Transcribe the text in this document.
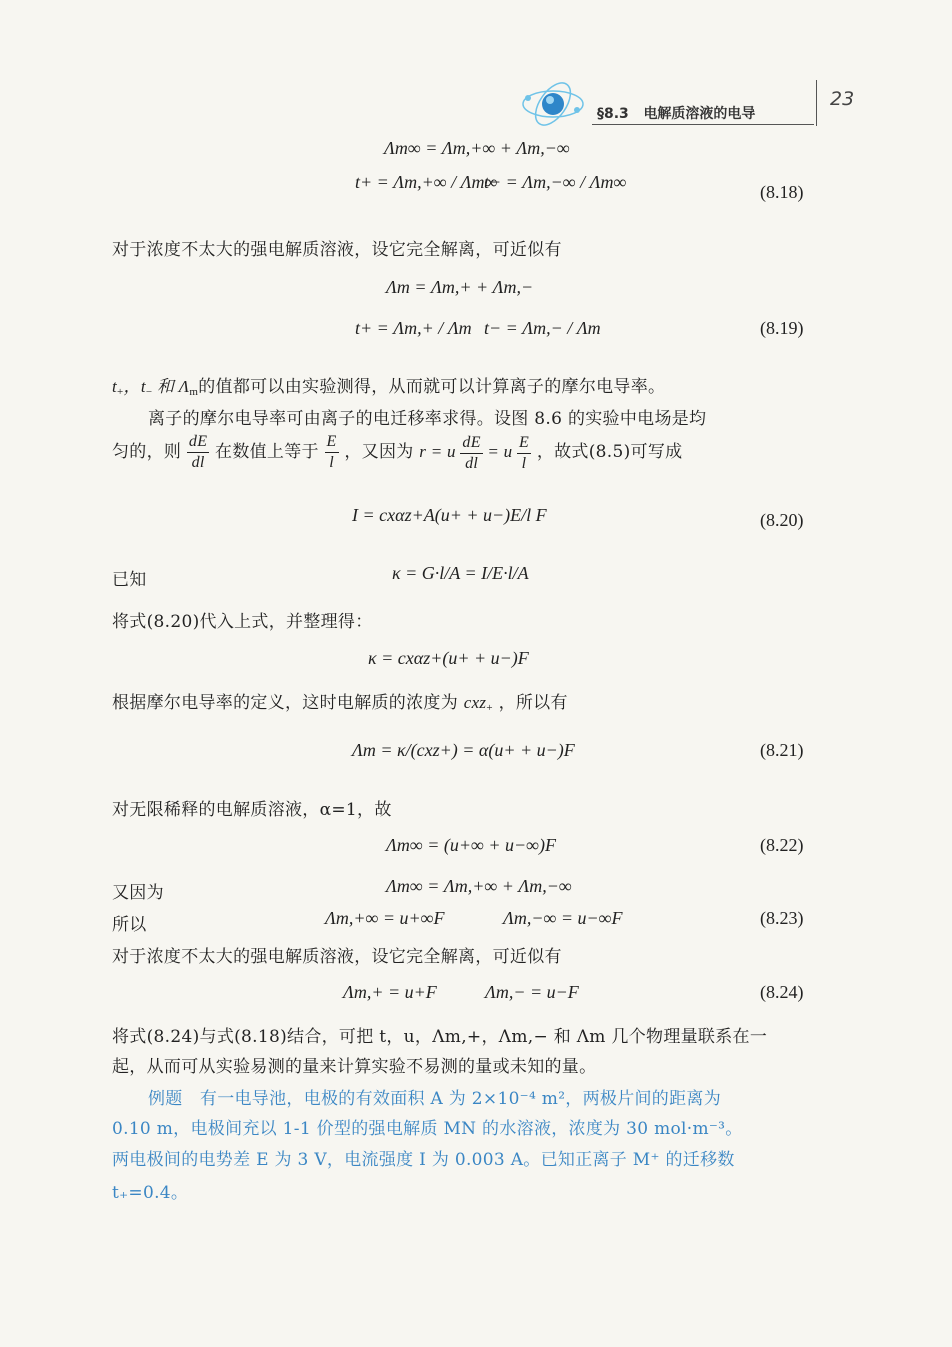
§8.3 电解质溶液的电导
23
Λm∞ = Λm,+∞ + Λm,−∞
t+ = Λm,+∞ / Λm∞
t− = Λm,−∞ / Λm∞	(8.18)
对于浓度不太大的强电解质溶液，设它完全解离，可近似有
Λm = Λm,+ + Λm,−
t+ = Λm,+ / Λm t− = Λm,− / Λm	(8.19)
$t_+$，$t_-$ 和 $\Lambda_m$的值都可以由实验测得，从而就可以计算离子的摩尔电导率。
离子的摩尔电导率可由离子的电迁移率求得。设图 8.6 的实验中电场是均
匀的，则 $\frac{dE}{dl}$ 在数值上等于 $\frac{E}{l}$ ，又因为 r = u $\frac{dE}{dl} = u \frac{E}{l}$ ，故式(8.5)可写成
I = cxαz+A(u+ + u−)E/l F	(8.20)
已知	κ = G·l/A = I/E·l/A
将式(8.20)代入上式，并整理得：
κ = cxαz+(u+ + u−)F
根据摩尔电导率的定义，这时电解质的浓度为 cxz$_+$ ，所以有
Λm = κ/(cxz+) = α(u+ + u−)F	(8.21)
对无限稀释的电解质溶液，α=1，故
Λm∞ = (u+∞ + u−∞)F	(8.22)
又因为	Λm∞ = Λm,+∞ + Λm,−∞
所以	Λm,+∞ = u+∞F	Λm,−∞ = u−∞F	(8.23)
对于浓度不太大的强电解质溶液，设它完全解离，可近似有
Λm,+ = u+F	Λm,− = u−F	(8.24)
将式(8.24)与式(8.18)结合，可把 t，u，Λm,+，Λm,− 和 Λm 几个物理量联系在一
起，从而可从实验易测的量来计算实验不易测的量或未知的量。
例题　有一电导池，电极的有效面积 A 为 2×10⁻⁴ m²，两极片间的距离为
0.10 m，电极间充以 1-1 价型的强电解质 MN 的水溶液，浓度为 30 mol·m⁻³。
两电极间的电势差 E 为 3 V，电流强度 I 为 0.003 A。已知正离子 M⁺ 的迁移数
t₊=0.4。
